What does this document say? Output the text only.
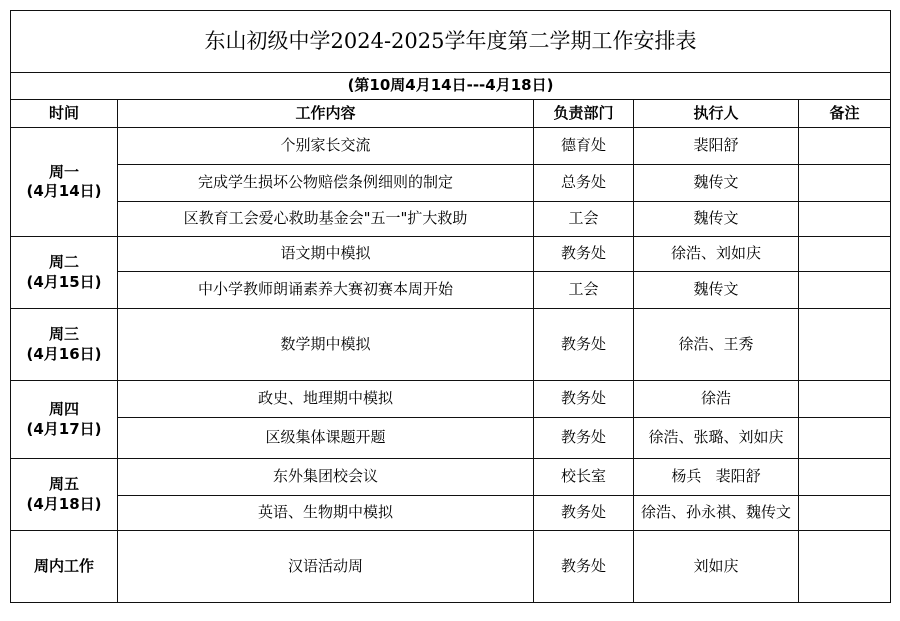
东山初级中学2024-2025学年度第二学期工作安排表				
(第10周4月14日---4月18日)				
时间	工作内容	负责部门	执行人	备注

周一
(4月14日)	个别家长交流	德育处	裴阳舒	
	完成学生损坏公物赔偿条例细则的制定	总务处	魏传文	
	区教育工会爱心救助基金会"五一"扩大救助	工会	魏传文	

周二
(4月15日)	语文期中模拟	教务处	徐浩、刘如庆	
	中小学教师朗诵素养大赛初赛本周开始	工会	魏传文	

周三
(4月16日)	数学期中模拟	教务处	徐浩、王秀	

周四
(4月17日)	政史、地理期中模拟	教务处	徐浩	
	区级集体课题开题	教务处	徐浩、张璐、刘如庆	

周五
(4月18日)	东外集团校会议	校长室	杨兵   裴阳舒	
	英语、生物期中模拟	教务处	徐浩、孙永祺、魏传文	
周内工作	汉语活动周	教务处	刘如庆	
